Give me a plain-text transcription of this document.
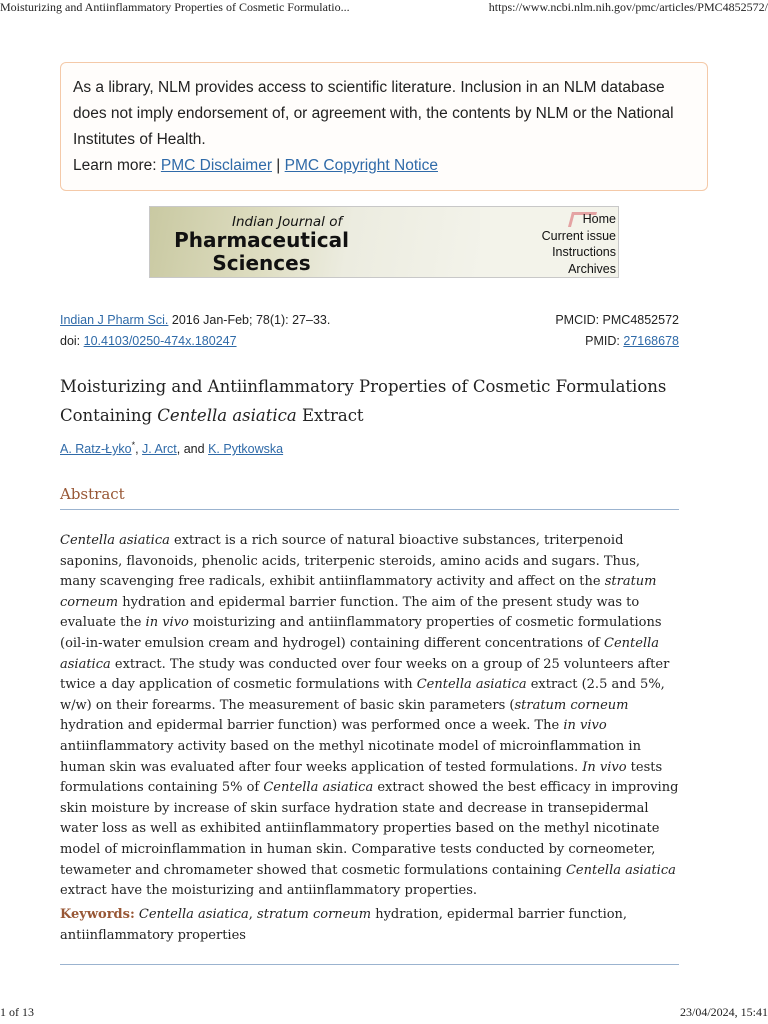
Moisturizing and Antiinflammatory Properties of Cosmetic Formulatio...	https://www.ncbi.nlm.nih.gov/pmc/articles/PMC4852572/
As a library, NLM provides access to scientific literature. Inclusion in an NLM database does not imply endorsement of, or agreement with, the contents by NLM or the National Institutes of Health.
Learn more: PMC Disclaimer | PMC Copyright Notice
Indian Journal of
Pharmaceutical
Sciences
Home
Current issue
Instructions
Archives
Indian J Pharm Sci. 2016 Jan-Feb; 78(1): 27–33.	PMCID: PMC4852572
doi: 10.4103/0250-474x.180247	PMID: 27168678
Moisturizing and Antiinflammatory Properties of Cosmetic Formulations Containing Centella asiatica Extract
A. Ratz-Łyko*, J. Arct, and K. Pytkowska
Abstract
Centella asiatica extract is a rich source of natural bioactive substances, triterpenoid saponins, flavonoids, phenolic acids, triterpenic steroids, amino acids and sugars. Thus, many scavenging free radicals, exhibit antiinflammatory activity and affect on the stratum corneum hydration and epidermal barrier function. The aim of the present study was to evaluate the in vivo moisturizing and antiinflammatory properties of cosmetic formulations (oil-in-water emulsion cream and hydrogel) containing different concentrations of Centella asiatica extract. The study was conducted over four weeks on a group of 25 volunteers after twice a day application of cosmetic formulations with Centella asiatica extract (2.5 and 5%, w/w) on their forearms. The measurement of basic skin parameters (stratum corneum hydration and epidermal barrier function) was performed once a week. The in vivo antiinflammatory activity based on the methyl nicotinate model of microinflammation in human skin was evaluated after four weeks application of tested formulations. In vivo tests formulations containing 5% of Centella asiatica extract showed the best efficacy in improving skin moisture by increase of skin surface hydration state and decrease in transepidermal water loss as well as exhibited antiinflammatory properties based on the methyl nicotinate model of microinflammation in human skin. Comparative tests conducted by corneometer, tewameter and chromameter showed that cosmetic formulations containing Centella asiatica extract have the moisturizing and antiinflammatory properties.
Keywords: Centella asiatica, stratum corneum hydration, epidermal barrier function, antiinflammatory properties
1 of 13	23/04/2024, 15:41
